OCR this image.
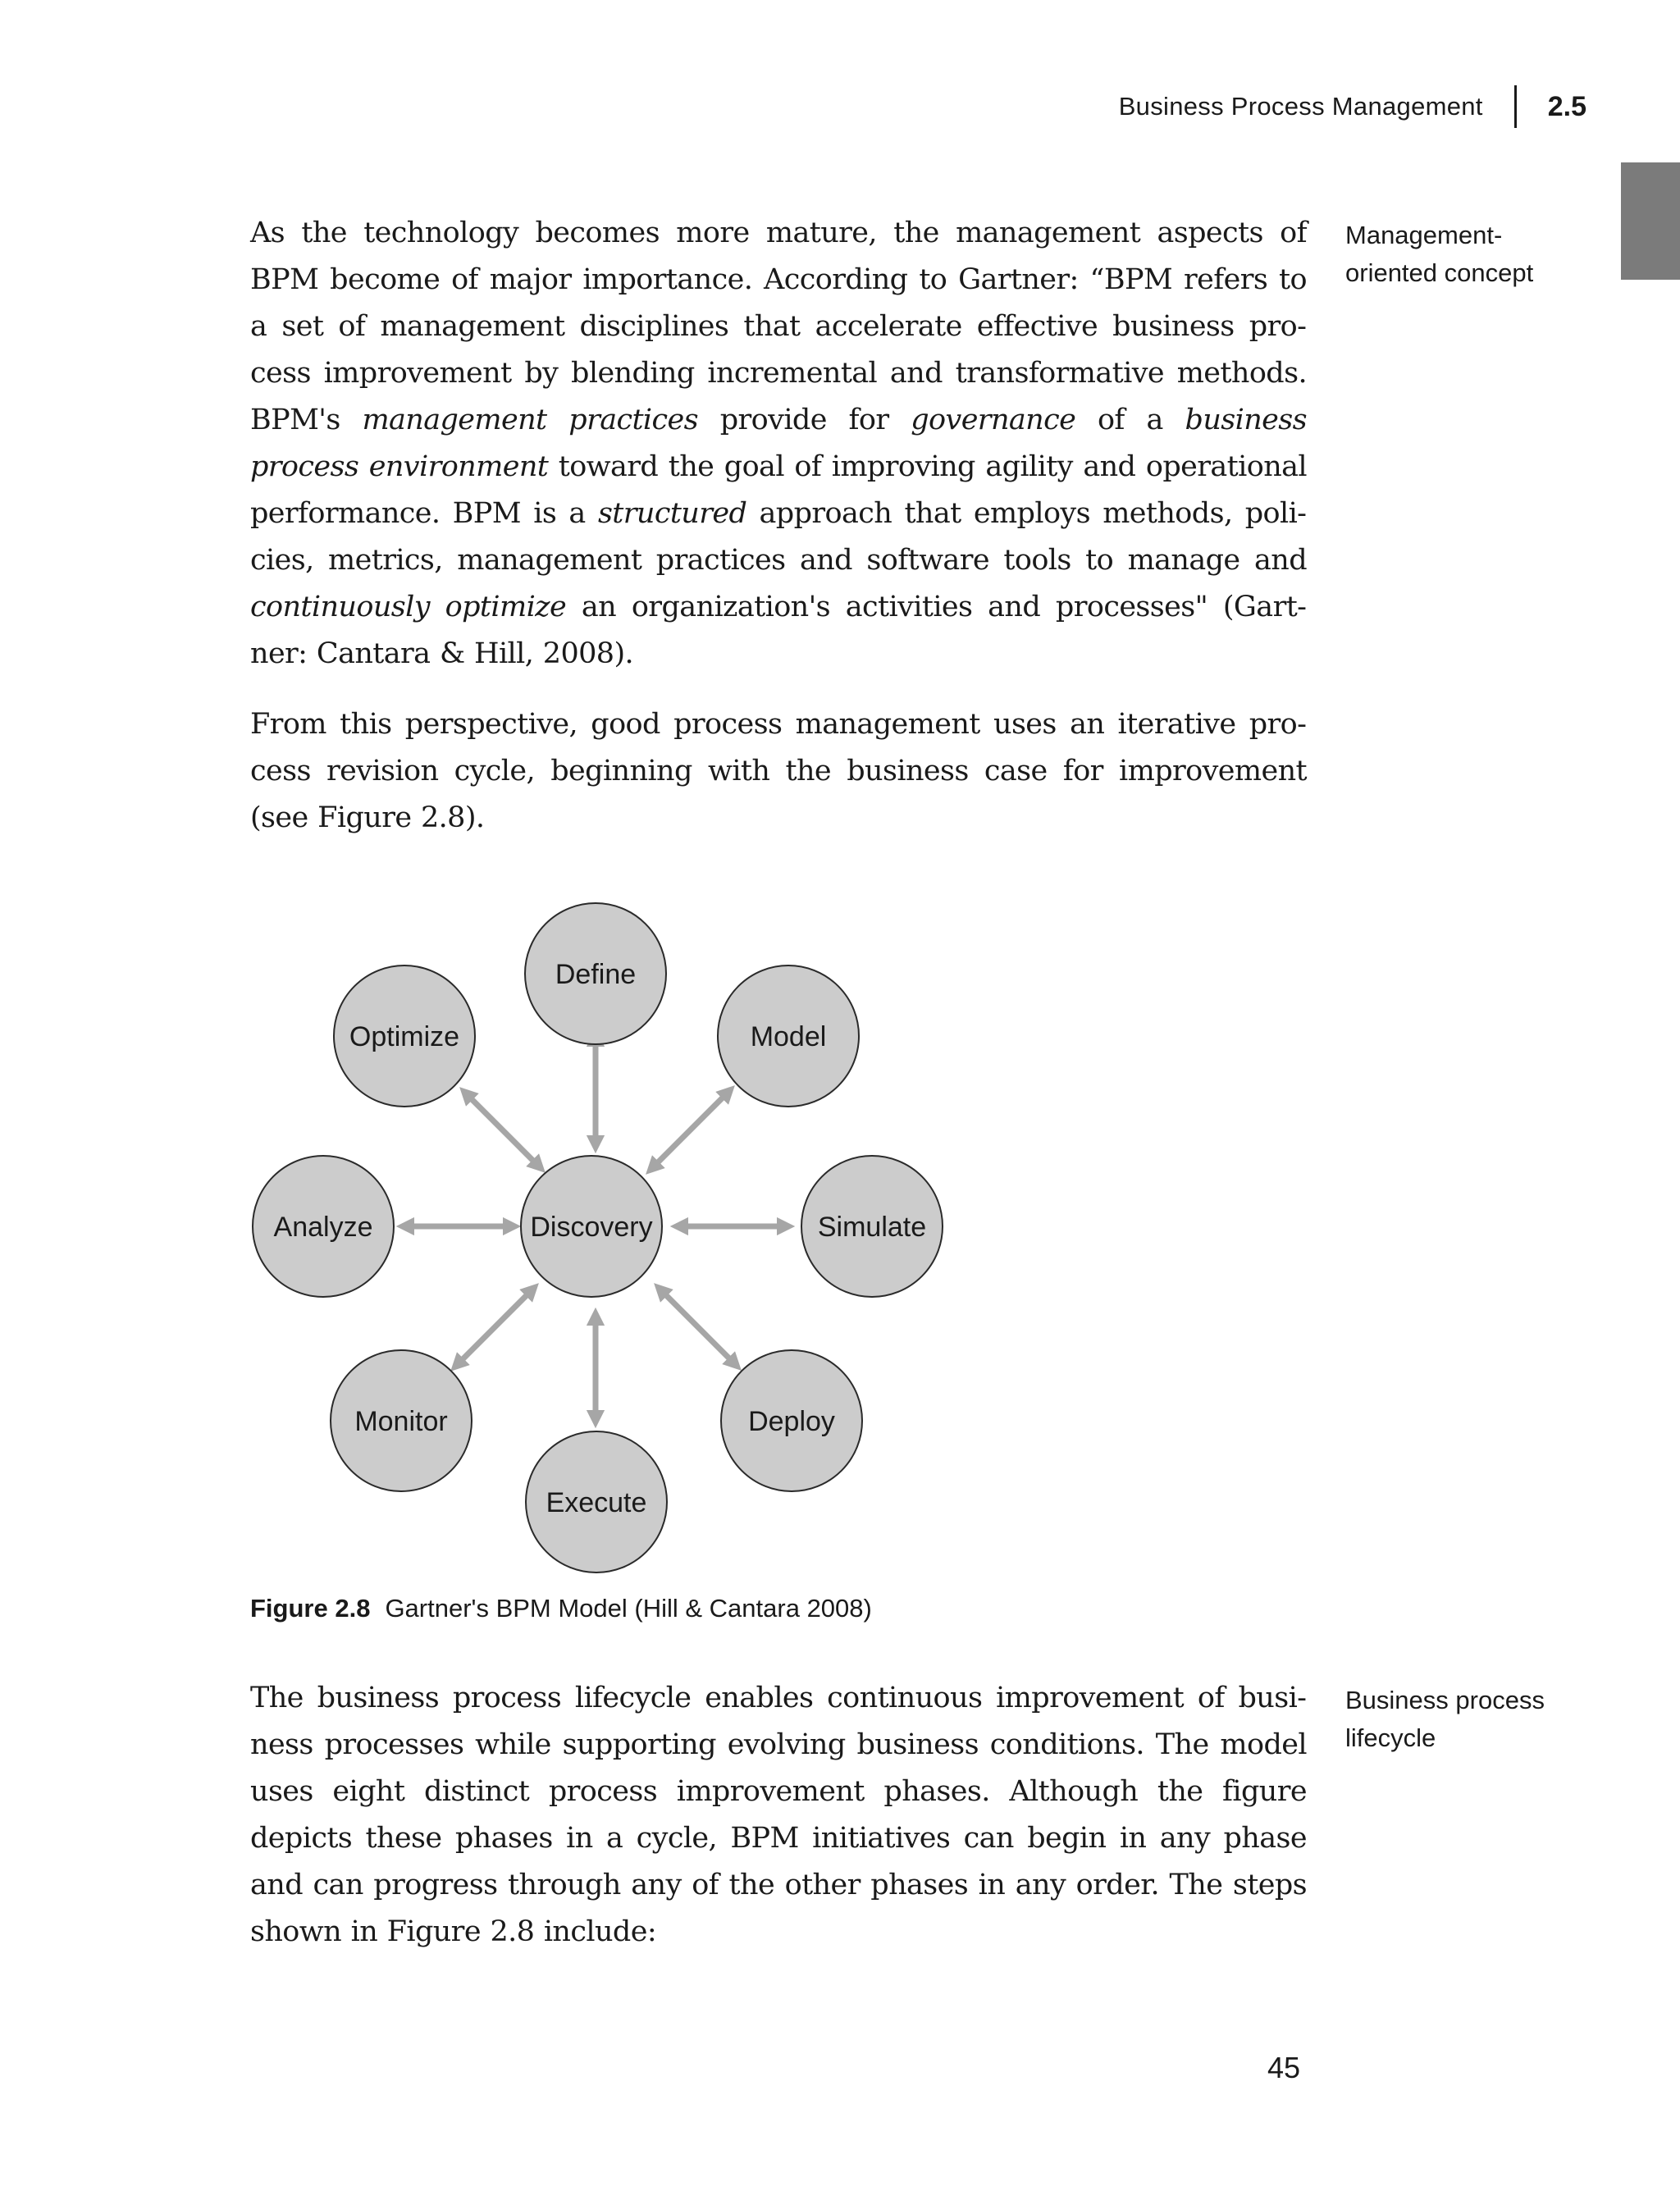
Business Process Management 2.5

As the technology becomes more mature, the management aspects of BPM become of major importance. According to Gartner: “BPM refers to a set of management disciplines that accelerate effective business process improvement by blending incremental and transformative methods. BPM's management practices provide for governance of a business process environment toward the goal of improving agility and operational performance. BPM is a structured approach that employs methods, policies, metrics, management practices and software tools to manage and continuously optimize an organization's activities and processes" (Gartner: Cantara & Hill, 2008).

Management-oriented concept

From this perspective, good process management uses an iterative process revision cycle, beginning with the business case for improvement (see Figure 2.8).

Define
Model
Simulate
Deploy
Execute
Monitor
Analyze
Optimize
Discovery

Figure 2.8 Gartner's BPM Model (Hill & Cantara 2008)

The business process lifecycle enables continuous improvement of business processes while supporting evolving business conditions. The model uses eight distinct process improvement phases. Although the figure depicts these phases in a cycle, BPM initiatives can begin in any phase and can progress through any of the other phases in any order. The steps shown in Figure 2.8 include:

Business process lifecycle

45
